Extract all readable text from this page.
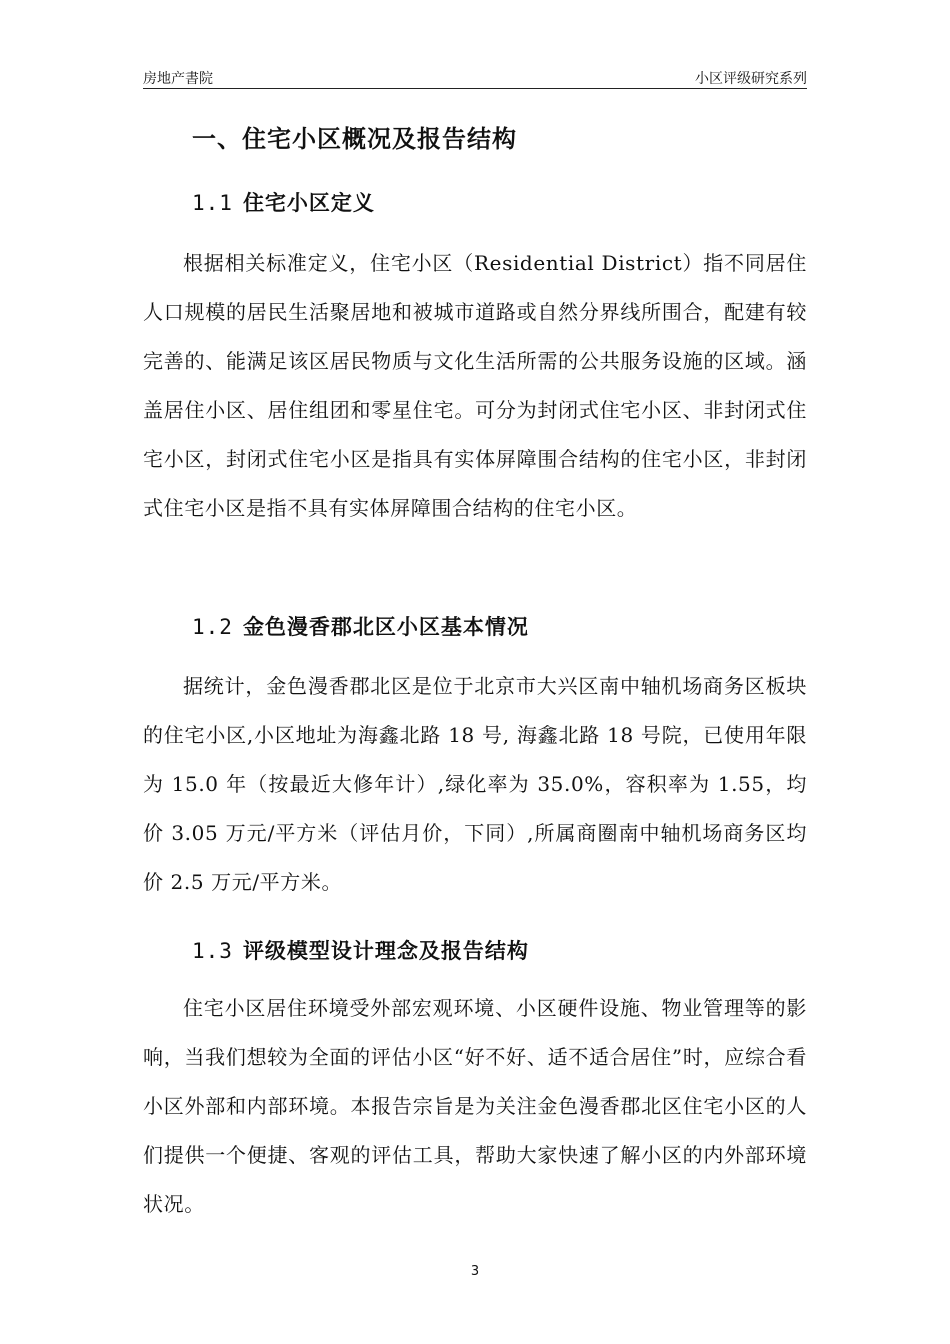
房地产書院	小区评级研究系列
一、住宅小区概况及报告结构
1.1 住宅小区定义
根据相关标准定义，住宅小区（Residential District）指不同居住人口规模的居民生活聚居地和被城市道路或自然分界线所围合，配建有较完善的、能满足该区居民物质与文化生活所需的公共服务设施的区域。涵盖居住小区、居住组团和零星住宅。可分为封闭式住宅小区、非封闭式住宅小区，封闭式住宅小区是指具有实体屏障围合结构的住宅小区，非封闭式住宅小区是指不具有实体屏障围合结构的住宅小区。
1.2 金色漫香郡北区小区基本情况
据统计，金色漫香郡北区是位于北京市大兴区南中轴机场商务区板块的住宅小区,小区地址为海鑫北路 18 号, 海鑫北路 18 号院，已使用年限为 15.0 年（按最近大修年计）,绿化率为 35.0%，容积率为 1.55，均价 3.05 万元/平方米（评估月价，下同）,所属商圈南中轴机场商务区均价 2.5 万元/平方米。
1.3 评级模型设计理念及报告结构
住宅小区居住环境受外部宏观环境、小区硬件设施、物业管理等的影响，当我们想较为全面的评估小区“好不好、适不适合居住”时，应综合看小区外部和内部环境。本报告宗旨是为关注金色漫香郡北区住宅小区的人们提供一个便捷、客观的评估工具，帮助大家快速了解小区的内外部环境状况。
3
